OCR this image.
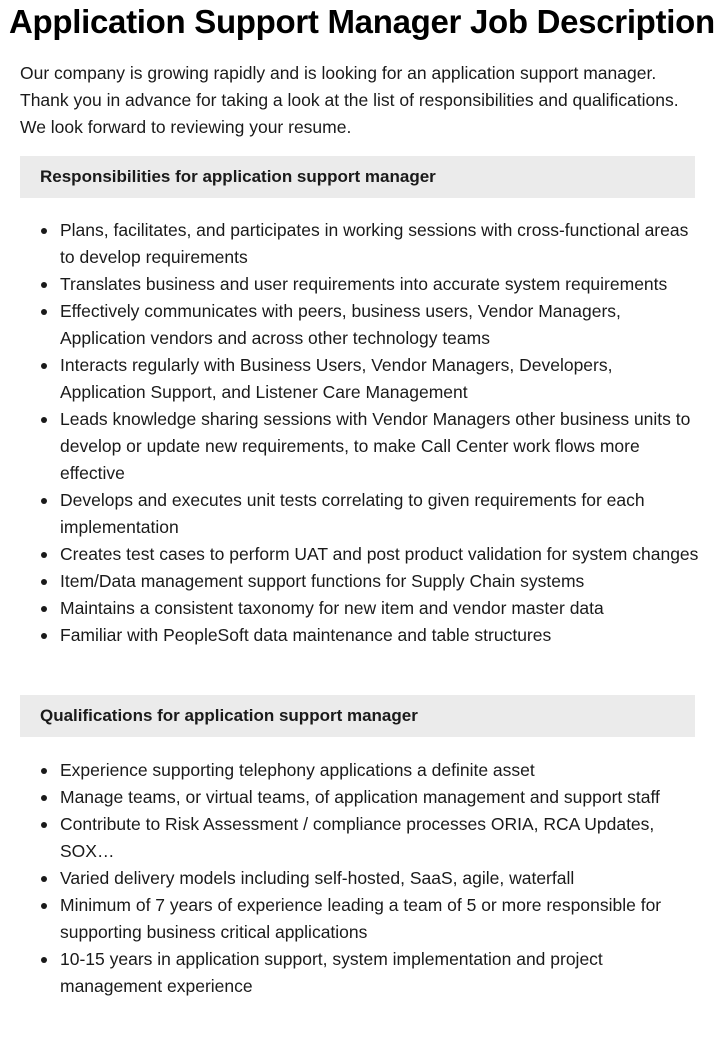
Application Support Manager Job Description

Our company is growing rapidly and is looking for an application support manager. Thank you in advance for taking a look at the list of responsibilities and qualifications. We look forward to reviewing your resume.

Responsibilities for application support manager
Plans, facilitates, and participates in working sessions with cross-functional areas to develop requirements
Translates business and user requirements into accurate system requirements
Effectively communicates with peers, business users, Vendor Managers, Application vendors and across other technology teams
Interacts regularly with Business Users, Vendor Managers, Developers, Application Support, and Listener Care Management
Leads knowledge sharing sessions with Vendor Managers other business units to develop or update new requirements, to make Call Center work flows more effective
Develops and executes unit tests correlating to given requirements for each implementation
Creates test cases to perform UAT and post product validation for system changes
Item/Data management support functions for Supply Chain systems
Maintains a consistent taxonomy for new item and vendor master data
Familiar with PeopleSoft data maintenance and table structures
Qualifications for application support manager
Experience supporting telephony applications a definite asset
Manage teams, or virtual teams, of application management and support staff
Contribute to Risk Assessment / compliance processes ORIA, RCA Updates, SOX…
Varied delivery models including self-hosted, SaaS, agile, waterfall
Minimum of 7 years of experience leading a team of 5 or more responsible for supporting business critical applications
10-15 years in application support, system implementation and project management experience
